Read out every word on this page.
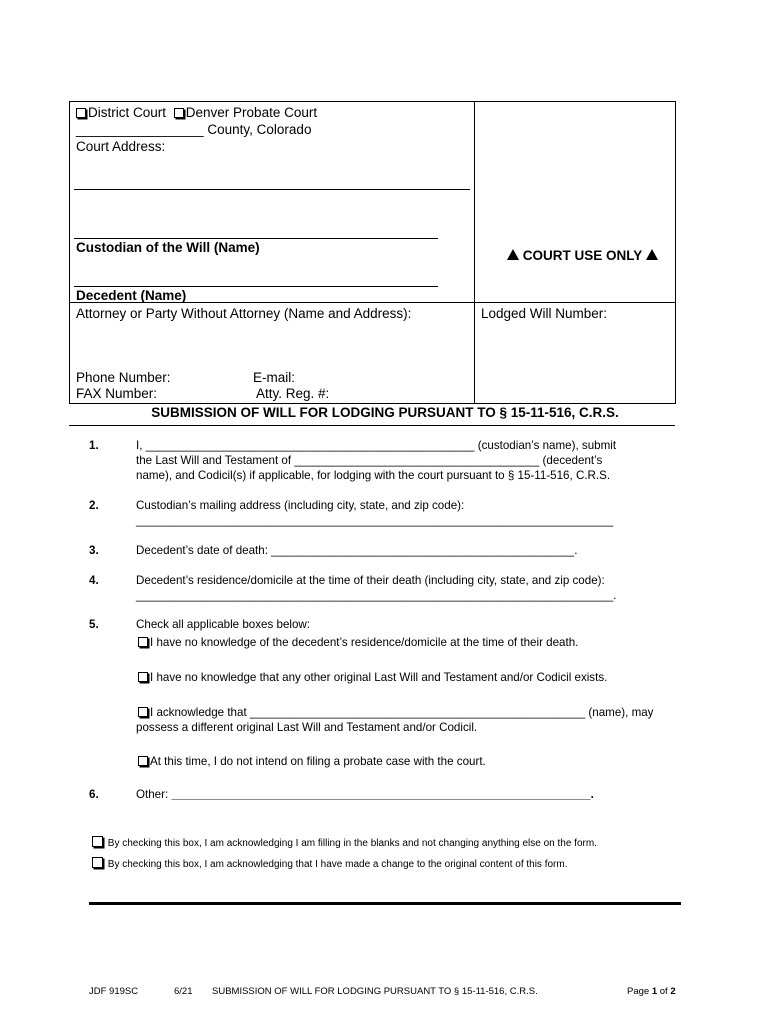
District Court Denver Probate Court
_________________ County, Colorado
Court Address:
Custodian of the Will (Name)
Decedent (Name)
Attorney or Party Without Attorney (Name and Address):
Phone Number:	E-mail:
FAX Number:	Atty. Reg. #:
COURT USE ONLY
Lodged Will Number:
SUBMISSION OF WILL FOR LODGING PURSUANT TO § 15-11-516, C.R.S.
1.	I, ___________________________________________________ (custodian’s name), submit
the Last Will and Testament of ______________________________________ (decedent’s
name), and Codicil(s) if applicable, for lodging with the court pursuant to § 15-11-516, C.R.S.
2.	Custodian’s mailing address (including city, state, and zip code):
__________________________________________________________________________
3.	Decedent’s date of death: _______________________________________________.
4.	Decedent’s residence/domicile at the time of their death (including city, state, and zip code):
__________________________________________________________________________.
5.	Check all applicable boxes below:
I have no knowledge of the decedent’s residence/domicile at the time of their death.
I have no knowledge that any other original Last Will and Testament and/or Codicil exists.
I acknowledge that ____________________________________________________ (name), may
possess a different original Last Will and Testament and/or Codicil.
At this time, I do not intend on filing a probate case with the court.
6.	Other: _________________________________________________________________.
By checking this box, I am acknowledging I am filling in the blanks and not changing anything else on the form.
By checking this box, I am acknowledging that I have made a change to the original content of this form.
JDF 919SC	6/21 SUBMISSION OF WILL FOR LODGING PURSUANT TO § 15-11-516, C.R.S.	Page 1 of 2
